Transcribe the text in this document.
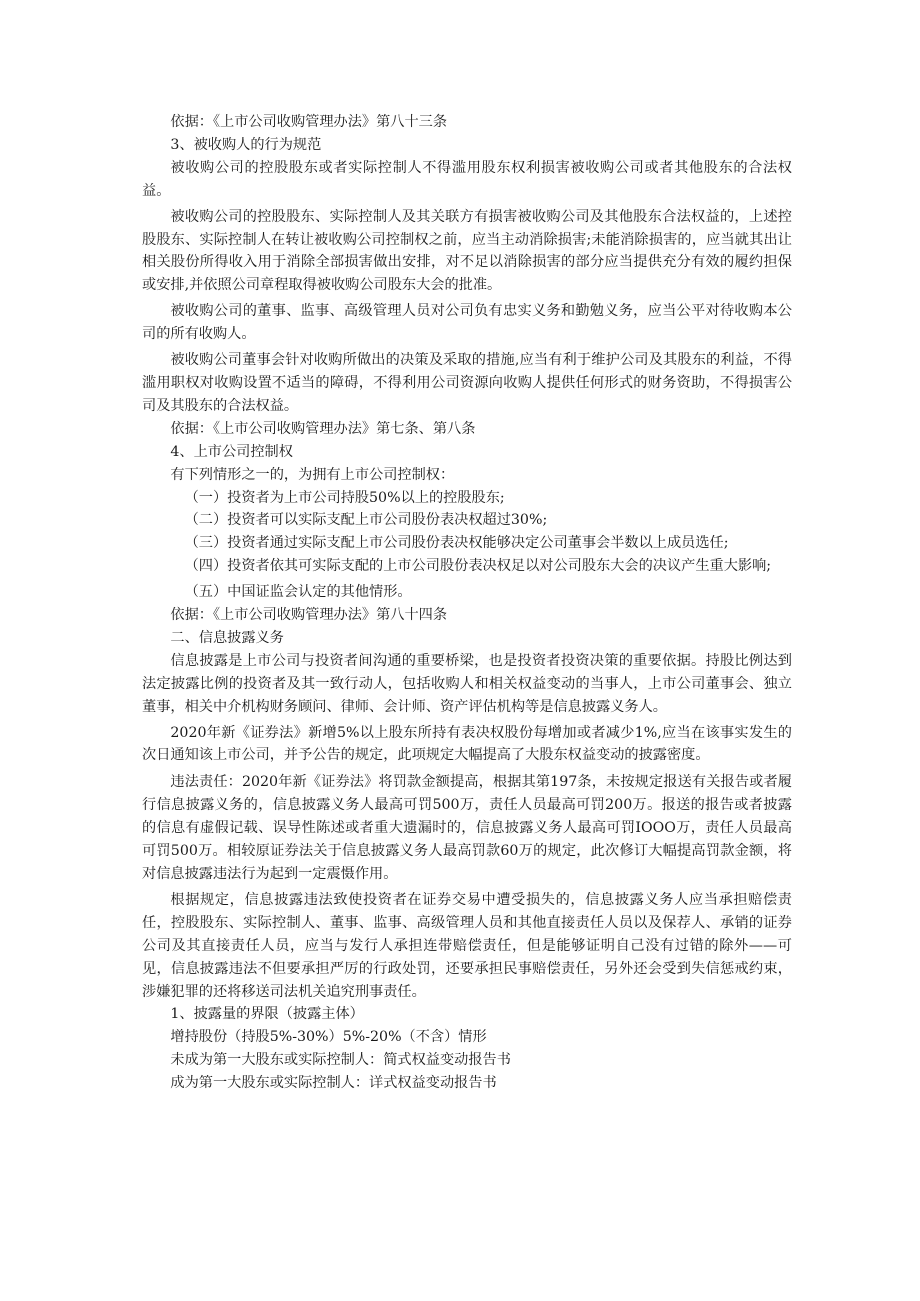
依据：《上市公司收购管理办法》第八十三条

3、被收购人的行为规范

被收购公司的控股股东或者实际控制人不得滥用股东权利损害被收购公司或者其他股东的合法权益。

被收购公司的控股股东、实际控制人及其关联方有损害被收购公司及其他股东合法权益的，上述控股股东、实际控制人在转让被收购公司控制权之前，应当主动消除损害;未能消除损害的，应当就其出让相关股份所得收入用于消除全部损害做出安排，对不足以消除损害的部分应当提供充分有效的履约担保或安排,并依照公司章程取得被收购公司股东大会的批准。

被收购公司的董事、监事、高级管理人员对公司负有忠实义务和勤勉义务，应当公平对待收购本公司的所有收购人。

被收购公司董事会针对收购所做出的决策及采取的措施,应当有利于维护公司及其股东的利益，不得滥用职权对收购设置不适当的障碍，不得利用公司资源向收购人提供任何形式的财务资助，不得损害公司及其股东的合法权益。

依据：《上市公司收购管理办法》第七条、第八条

4、上市公司控制权

有下列情形之一的，为拥有上市公司控制权：

（一）投资者为上市公司持股50%以上的控股股东;

（二）投资者可以实际支配上市公司股份表决权超过30%;

（三）投资者通过实际支配上市公司股份表决权能够决定公司董事会半数以上成员选任;

（四）投资者依其可实际支配的上市公司股份表决权足以对公司股东大会的决议产生重大影响;

（五）中国证监会认定的其他情形。

依据：《上市公司收购管理办法》第八十四条

二、信息披露义务

信息披露是上市公司与投资者间沟通的重要桥梁，也是投资者投资决策的重要依据。持股比例达到法定披露比例的投资者及其一致行动人，包括收购人和相关权益变动的当事人，上市公司董事会、独立董事，相关中介机构财务顾问、律师、会计师、资产评估机构等是信息披露义务人。

2020年新《证券法》新增5%以上股东所持有表决权股份每增加或者减少1%,应当在该事实发生的次日通知该上市公司，并予公告的规定，此项规定大幅提高了大股东权益变动的披露密度。

违法责任：2020年新《证券法》将罚款金额提高，根据其第197条，未按规定报送有关报告或者履行信息披露义务的，信息披露义务人最高可罚500万，责任人员最高可罚200万。报送的报告或者披露的信息有虚假记载、误导性陈述或者重大遗漏时的，信息披露义务人最高可罚IOOO万，责任人员最高可罚500万。相较原证券法关于信息披露义务人最高罚款60万的规定，此次修订大幅提高罚款金额，将对信息披露违法行为起到一定震慑作用。

根据规定，信息披露违法致使投资者在证券交易中遭受损失的，信息披露义务人应当承担赔偿责任，控股股东、实际控制人、董事、监事、高级管理人员和其他直接责任人员以及保荐人、承销的证券公司及其直接责任人员，应当与发行人承担连带赔偿责任，但是能够证明自己没有过错的除外——可见，信息披露违法不但要承担严厉的行政处罚，还要承担民事赔偿责任，另外还会受到失信惩戒约束，涉嫌犯罪的还将移送司法机关追究刑事责任。

1、披露量的界限（披露主体）

增持股份（持股5%-30%）5%-20%（不含）情形

未成为第一大股东或实际控制人：简式权益变动报告书

成为第一大股东或实际控制人：详式权益变动报告书
